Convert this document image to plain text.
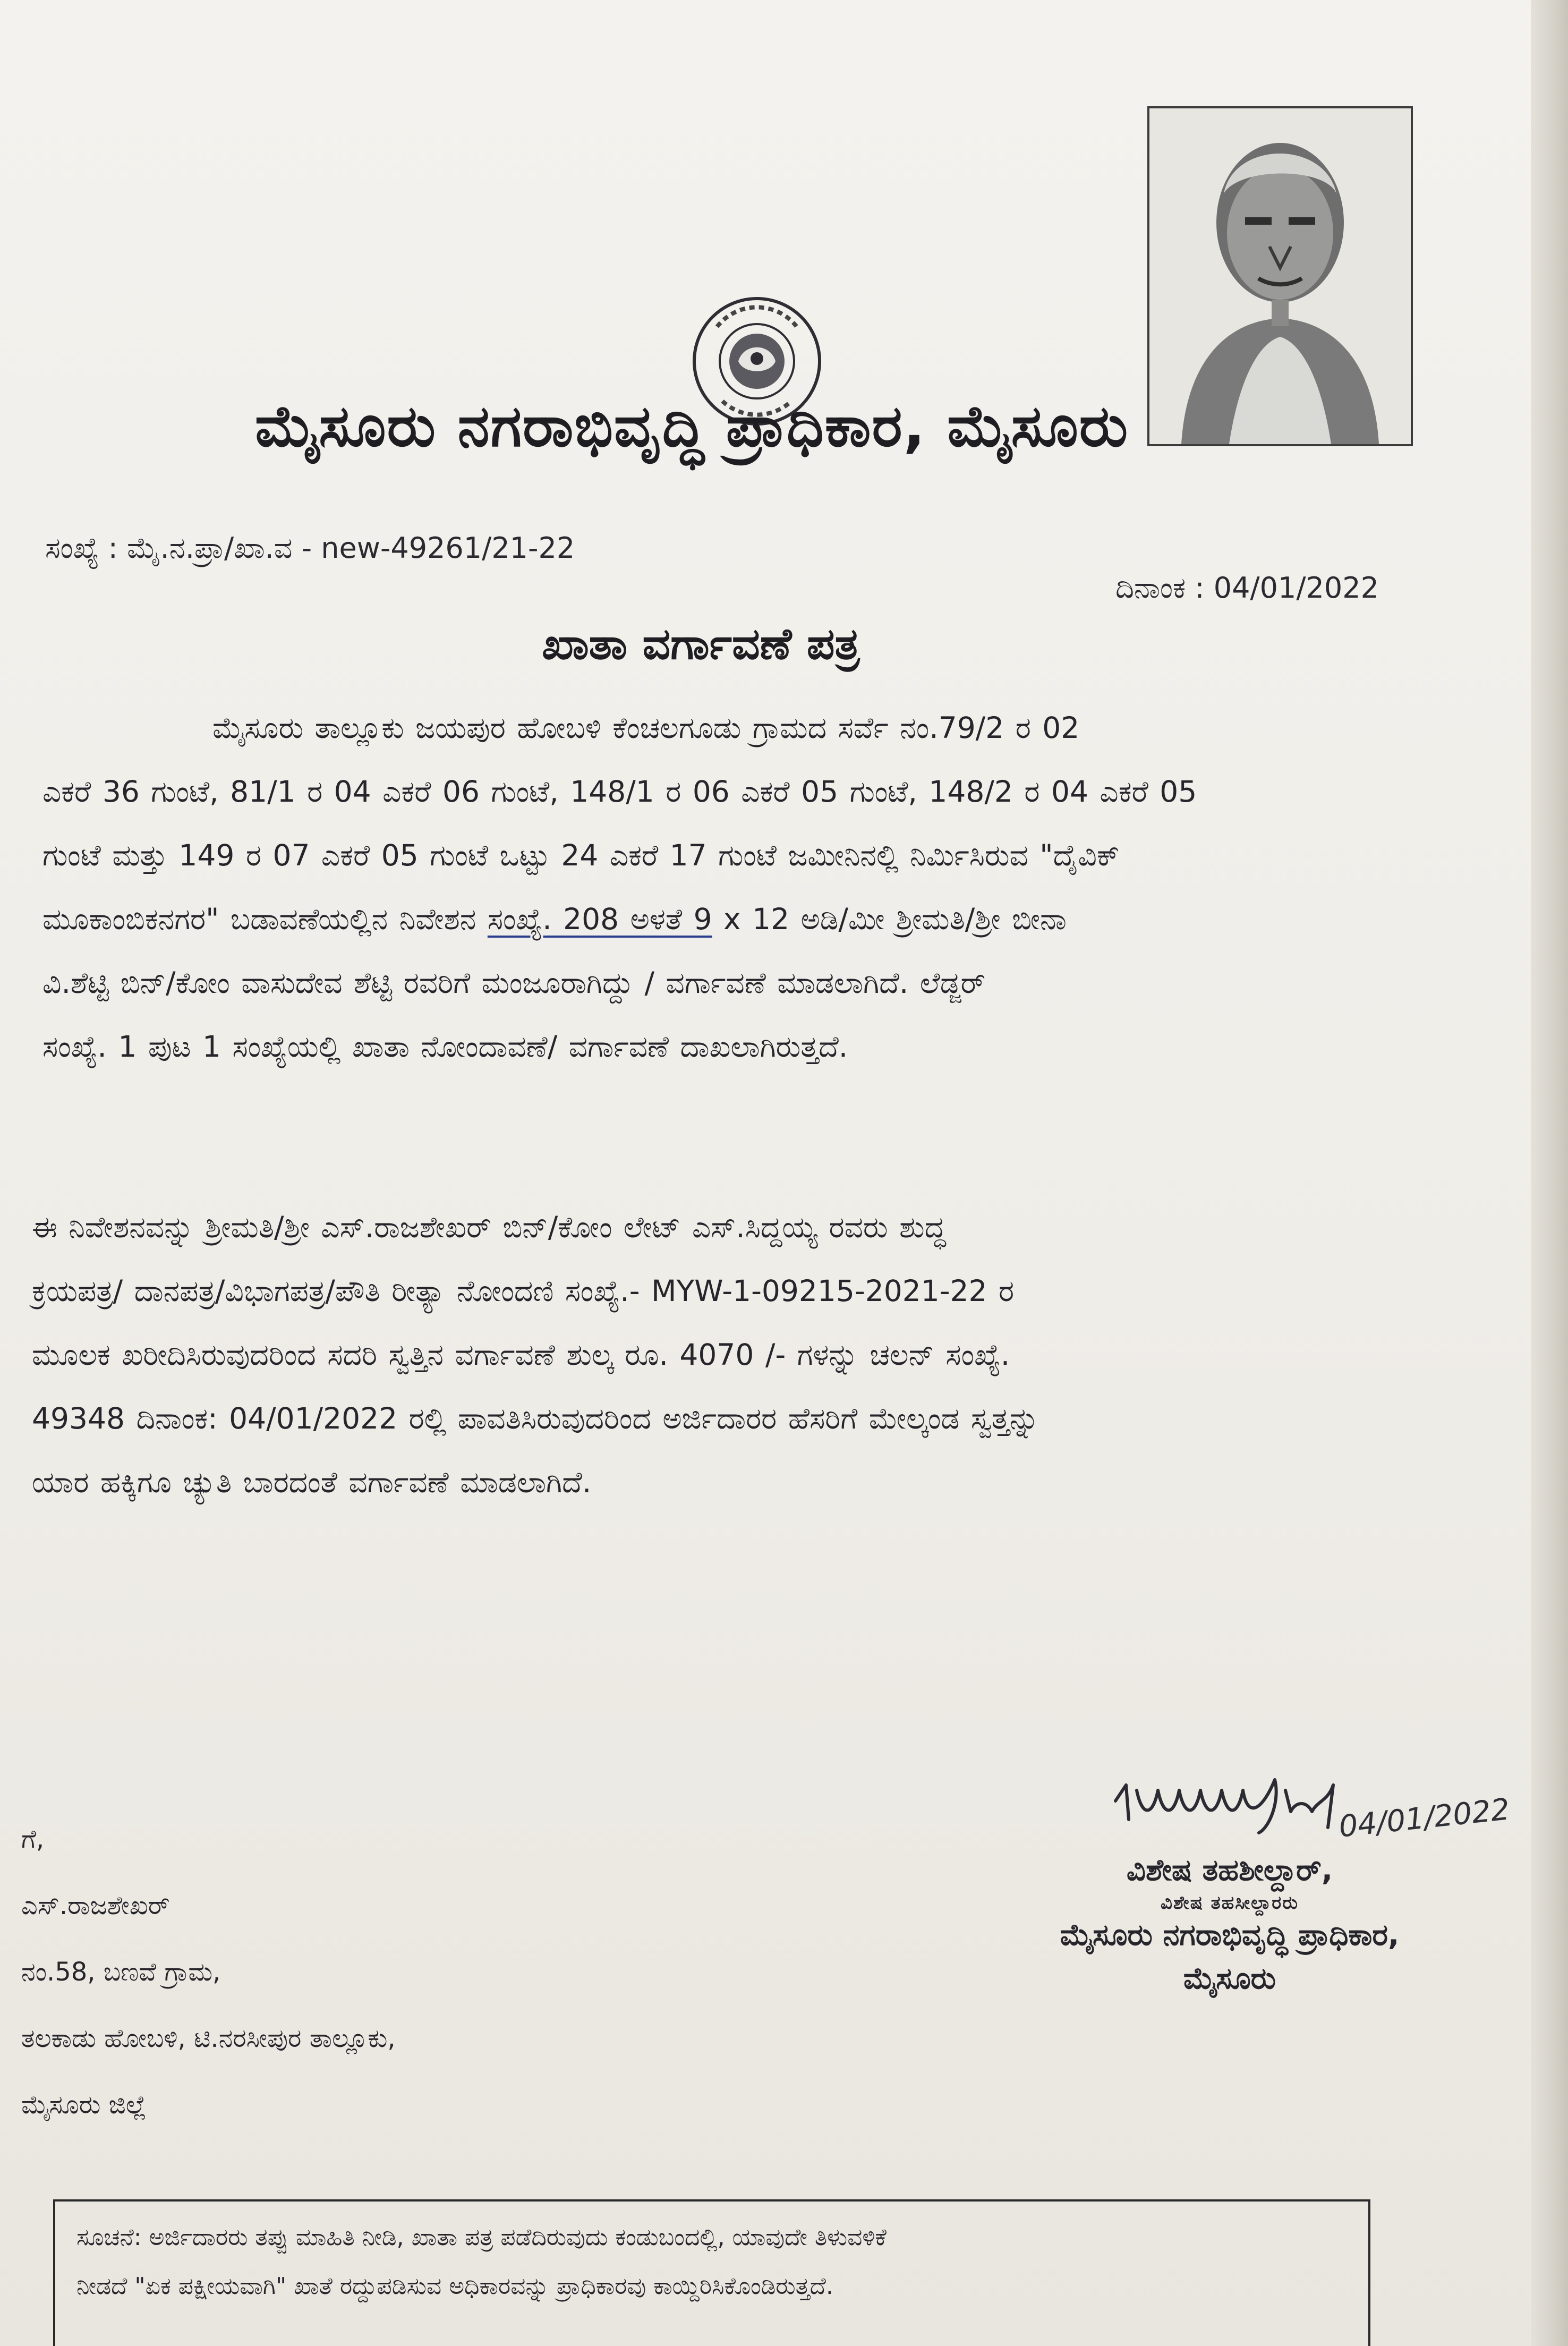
ಮೈಸೂರು ನಗರಾಭಿವೃದ್ಧಿ ಪ್ರಾಧಿಕಾರ, ಮೈಸೂರು
ಸಂಖ್ಯೆ : ಮೈ.ನ.ಪ್ರಾ/ಖಾ.ವ - new-49261/21-22
ದಿನಾಂಕ : 04/01/2022
ಖಾತಾ ವರ್ಗಾವಣೆ ಪತ್ರ
ಮೈಸೂರು ತಾಲ್ಲೂಕು ಜಯಪುರ ಹೋಬಳಿ ಕೆಂಚಲಗೂಡು ಗ್ರಾಮದ ಸರ್ವೆ ನಂ.79/2 ರ 02
ಎಕರೆ 36 ಗುಂಟೆ, 81/1 ರ 04 ಎಕರೆ 06 ಗುಂಟೆ, 148/1 ರ 06 ಎಕರೆ 05 ಗುಂಟೆ, 148/2 ರ 04 ಎಕರೆ 05
ಗುಂಟೆ ಮತ್ತು 149 ರ 07 ಎಕರೆ 05 ಗುಂಟೆ ಒಟ್ಟು 24 ಎಕರೆ 17 ಗುಂಟೆ ಜಮೀನಿನಲ್ಲಿ ನಿರ್ಮಿಸಿರುವ "ದೈವಿಕ್
ಮೂಕಾಂಬಿಕನಗರ" ಬಡಾವಣೆಯಲ್ಲಿನ ನಿವೇಶನ ಸಂಖ್ಯೆ. 208 ಅಳತೆ 9 x 12 ಅಡಿ/ಮೀ ಶ್ರೀಮತಿ/ಶ್ರೀ ಬೀನಾ
ವಿ.ಶೆಟ್ಟಿ ಬಿನ್/ಕೋಂ ವಾಸುದೇವ ಶೆಟ್ಟಿ ರವರಿಗೆ ಮಂಜೂರಾಗಿದ್ದು / ವರ್ಗಾವಣೆ ಮಾಡಲಾಗಿದೆ. ಲೆಡ್ಜರ್
ಸಂಖ್ಯೆ. 1 ಪುಟ 1 ಸಂಖ್ಯೆಯಲ್ಲಿ ಖಾತಾ ನೋಂದಾವಣೆ/ ವರ್ಗಾವಣೆ ದಾಖಲಾಗಿರುತ್ತದೆ.
ಈ ನಿವೇಶನವನ್ನು ಶ್ರೀಮತಿ/ಶ್ರೀ ಎಸ್.ರಾಜಶೇಖರ್ ಬಿನ್/ಕೋಂ ಲೇಟ್ ಎಸ್.ಸಿದ್ದಯ್ಯ ರವರು ಶುದ್ಧ
ಕ್ರಯಪತ್ರ/ ದಾನಪತ್ರ/ವಿಭಾಗಪತ್ರ/ಪೌತಿ ರೀತ್ಯಾ ನೋಂದಣಿ ಸಂಖ್ಯೆ.- MYW-1-09215-2021-22 ರ
ಮೂಲಕ ಖರೀದಿಸಿರುವುದರಿಂದ ಸದರಿ ಸ್ವತ್ತಿನ ವರ್ಗಾವಣೆ ಶುಲ್ಕ ರೂ. 4070 /- ಗಳನ್ನು ಚಲನ್ ಸಂಖ್ಯೆ.
49348 ದಿನಾಂಕ: 04/01/2022 ರಲ್ಲಿ ಪಾವತಿಸಿರುವುದರಿಂದ ಅರ್ಜಿದಾರರ ಹೆಸರಿಗೆ ಮೇಲ್ಕಂಡ ಸ್ವತ್ತನ್ನು
ಯಾರ ಹಕ್ಕಿಗೂ ಚ್ಯುತಿ ಬಾರದಂತೆ ವರ್ಗಾವಣೆ ಮಾಡಲಾಗಿದೆ.
ಗೆ,
ಎಸ್.ರಾಜಶೇಖರ್
ನಂ.58, ಬಣವೆ ಗ್ರಾಮ,
ತಲಕಾಡು ಹೋಬಳಿ, ಟಿ.ನರಸೀಪುರ ತಾಲ್ಲೂಕು,
ಮೈಸೂರು ಜಿಲ್ಲೆ
04/01/2022
ವಿಶೇಷ ತಹಶೀಲ್ದಾರ್,
ವಿಶೇಷ ತಹಸೀಲ್ದಾರರು
ಮೈಸೂರು ನಗರಾಭಿವೃದ್ಧಿ ಪ್ರಾಧಿಕಾರ,
ಮೈಸೂರು
ಸೂಚನೆ: ಅರ್ಜಿದಾರರು ತಪ್ಪು ಮಾಹಿತಿ ನೀಡಿ, ಖಾತಾ ಪತ್ರ ಪಡೆದಿರುವುದು ಕಂಡುಬಂದಲ್ಲಿ, ಯಾವುದೇ ತಿಳುವಳಿಕೆ
ನೀಡದೆ "ಏಕ ಪಕ್ಷೀಯವಾಗಿ" ಖಾತೆ ರದ್ದುಪಡಿಸುವ ಅಧಿಕಾರವನ್ನು ಪ್ರಾಧಿಕಾರವು ಕಾಯ್ದಿರಿಸಿಕೊಂಡಿರುತ್ತದೆ.
